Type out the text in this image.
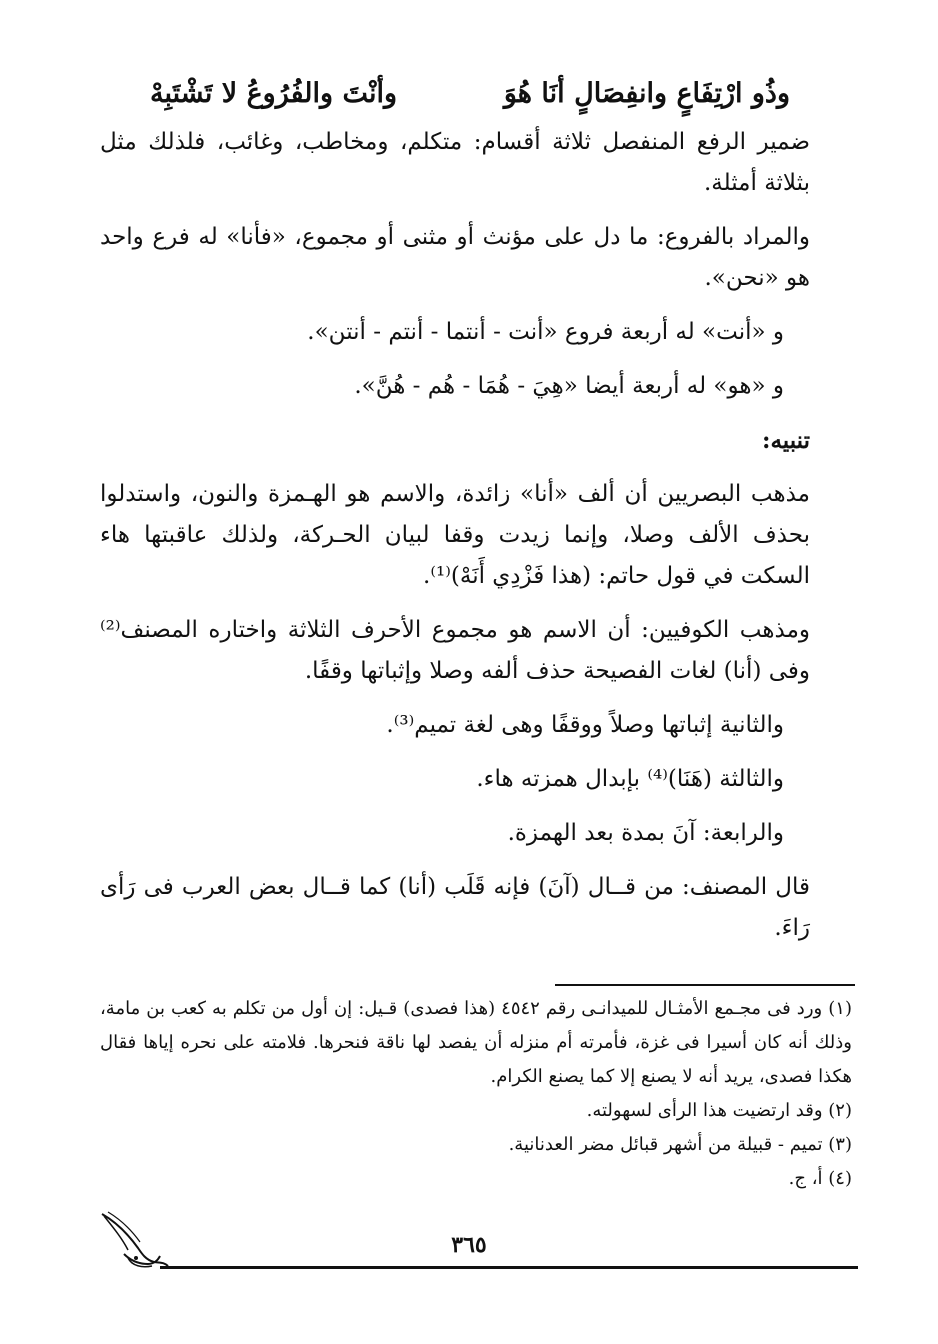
وذُو ارْتِفَاعٍ وانفِصَالٍ أنَا هُوَ
وأنْتَ والفُرُوعُ لا تَشْتَبِهْ

ضمير الرفع المنفصل ثلاثة أقسام: متكلم، ومخاطب، وغائب، فلذلك مثل بثلاثة أمثلة.

والمراد بالفروع: ما دل على مؤنث أو مثنى أو مجموع، «فأنا» له فرع واحد هو «نحن».

و «أنت» له أربعة فروع «أنت - أنتما - أنتم - أنتن».

و «هو» له أربعة أيضا «هِيَ - هُمَا - هُم - هُنَّ».

تنبيه:

مذهب البصريين أن ألف «أنا» زائدة، والاسم هو الهـمزة والنون، واستدلوا بحذف الألف وصلا، وإنما زيدت وقفا لبيان الحـركة، ولذلك عاقبتها هاء السكت في قول حاتم: (هذا فَزْدِي أَنَهْ)⁽¹⁾.

ومذهب الكوفيين: أن الاسم هو مجموع الأحرف الثلاثة واختاره المصنف⁽²⁾ وفى (أنا) لغات الفصيحة حذف ألفه وصلا وإثباتها وقفًا.

والثانية إثباتها وصلاً ووقفًا وهى لغة تميم⁽³⁾.

والثالثة (هَنَا)⁽⁴⁾ بإبدال همزته هاء.

والرابعة: آنَ بمدة بعد الهمزة.

قال المصنف: من قــال (آنَ) فإنه قَلَب (أنا) كما قــال بعض العرب فى رَأى رَاءَ.

(١) ورد فى مجـمع الأمثـال للميدانـى رقم ٤٥٤٢ (هذا فصدى) قـيل: إن أول من تكلم به كعب بن مامة، وذلك أنه كان أسيرا فى غزة، فأمرته أم منزله أن يفصد لها ناقة فنحرها. فلامته على نحره إياها فقال هكذا فصدى، يريد أنه لا يصنع إلا كما يصنع الكرام.

(٢) وقد ارتضيت هذا الرأى لسهولته.

(٣) تميم - قبيلة من أشهر قبائل مضر العدنانية.

(٤) أ، ج.

٣٦٥
